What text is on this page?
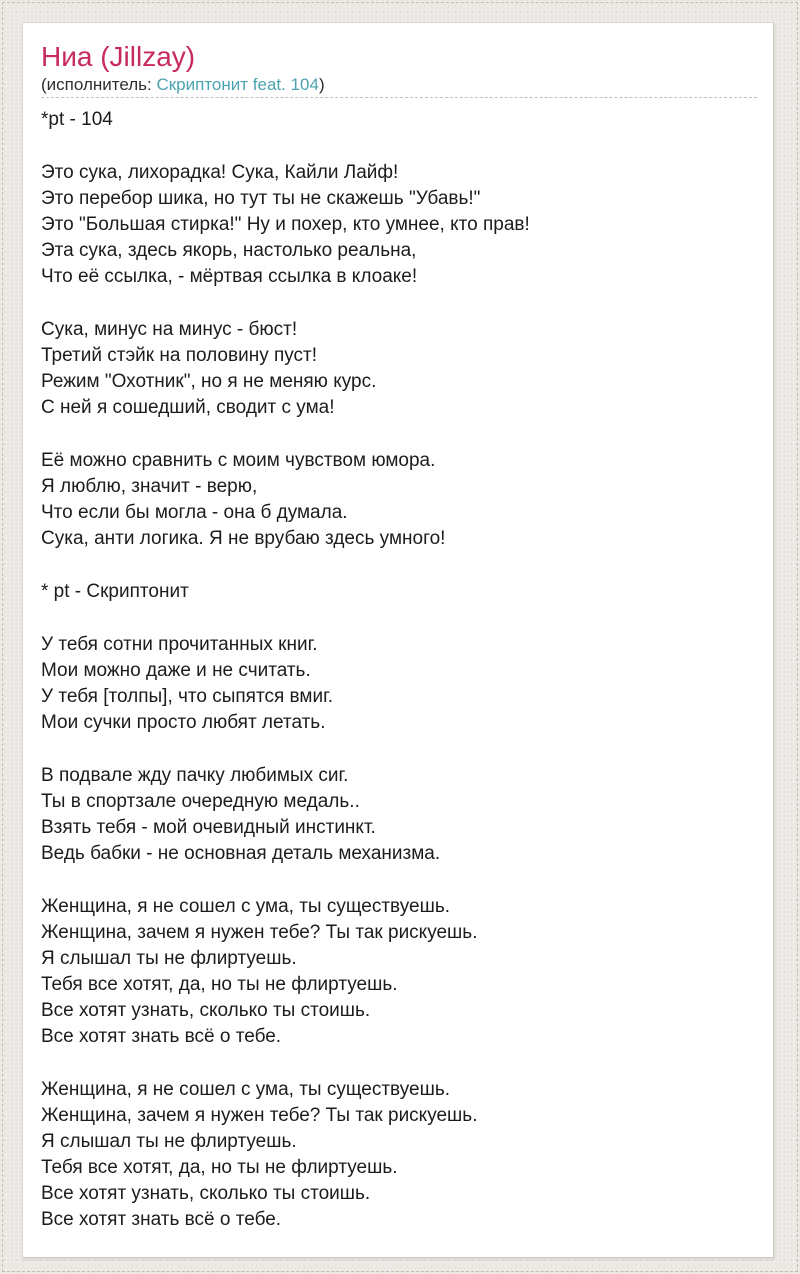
Ниа (Jillzay)
(исполнитель: Скриптонит feat. 104)

*pt - 104

Это сука, лихорадка! Сука, Кайли Лайф!
Это перебор шика, но тут ты не скажешь "Убавь!"
Это "Большая стирка!" Ну и похер, кто умнее, кто прав!
Эта сука, здесь якорь, настолько реальна,
Что её ссылка, - мёртвая ссылка в клоаке!

Сука, минус на минус - бюст!
Третий стэйк на половину пуст!
Режим "Охотник", но я не меняю курс.
С ней я сошедший, сводит с ума!

Её можно сравнить с моим чувством юмора.
Я люблю, значит - верю,
Что если бы могла - она б думала.
Сука, анти логика. Я не врубаю здесь умного!

* pt - Скриптонит

У тебя сотни прочитанных книг.
Мои можно даже и не считать.
У тебя [толпы], что сыпятся вмиг.
Мои сучки просто любят летать.

В подвале жду пачку любимых сиг.
Ты в спортзале очередную медаль..
Взять тебя - мой очевидный инстинкт.
Ведь бабки - не основная деталь механизма.

Женщина, я не сошел с ума, ты существуешь.
Женщина, зачем я нужен тебе? Ты так рискуешь.
Я слышал ты не флиртуешь.
Тебя все хотят, да, но ты не флиртуешь.
Все хотят узнать, сколько ты стоишь.
Все хотят знать всё о тебе.

Женщина, я не сошел с ума, ты существуешь.
Женщина, зачем я нужен тебе? Ты так рискуешь.
Я слышал ты не флиртуешь.
Тебя все хотят, да, но ты не флиртуешь.
Все хотят узнать, сколько ты стоишь.
Все хотят знать всё о тебе.
